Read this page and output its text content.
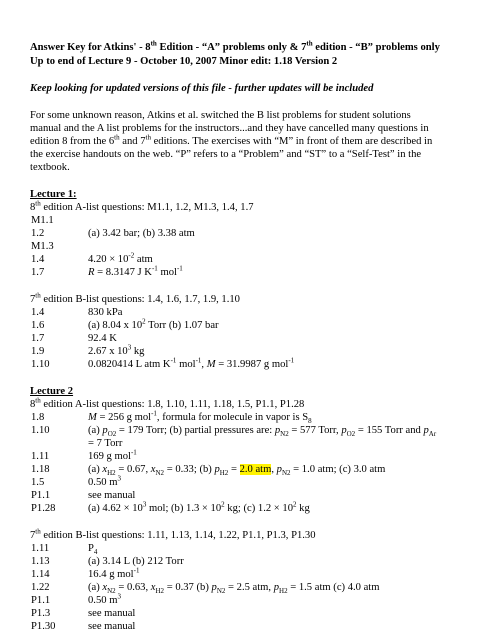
Answer Key for Atkins' - 8th Edition - “A” problems only & 7th edition - “B” problems only
Up to end of Lecture 9 - October 10, 2007 Minor edit: 1.18 Version 2
Keep looking for updated versions of this file - further updates will be included
For some unknown reason, Atkins et al. switched the B list problems for student solutions
manual and the A list problems for the instructors...and they have cancelled many questions in
edition 8 from the 6th and 7th editions. The exercises with “M” in front of them are described in
the exercise handouts on the web. “P” refers to a “Problem” and “ST” to a “Self-Test” in the
textbook.
Lecture 1:
8th edition A-list questions: M1.1, 1.2, M1.3, 1.4, 1.7
M1.1
1.2	(a) 3.42 bar; (b) 3.38 atm
M1.3
1.4	$4.20 \times 10^{-2}$ atm
1.7	R = 8.3147 J $K^{-1}$ mol$^{-1}$
7th edition B-list questions: 1.4, 1.6, 1.7, 1.9, 1.10
1.4	830 kPa
1.6	(a) 8.04 x $10^2$ Torr (b) 1.07 bar
1.7	92.4 K
1.9	2.67 x $10^3$ kg
1.10	0.0820414 L atm $K^{-1}$ mol$^{-1}$, M = 31.9987 g mol$^{-1}$
Lecture 2
8th edition A-list questions: 1.8, 1.10, 1.11, 1.18, 1.5, P1.1, P1.28
1.8	M = 256 g mol$^{-1}$, formula for molecule in vapor is $S_8$
1.10	(a) $p_{O2} = 179$ Torr; (b) partial pressures are: $p_{N2} = 577$ Torr, $p_{O2} = 155$ Torr and $p_{Ar}$
= 7 Torr
1.11	169 g mol$^{-1}$
1.18	(a) $x_{H2} = 0.67$, $x_{N2} = 0.33$; (b) $p_{H2} = 2.0$ atm, $p_{N2} = 1.0$ atm; (c) 3.0 atm
1.5	0.50 $m^3$
P1.1	see manual
P1.28	(a) $4.62 \times 10^3$ mol; (b) $1.3 \times 10^2$ kg; (c) $1.2 \times 10^2$ kg
7th edition B-list questions: 1.11, 1.13, 1.14, 1.22, P1.1, P1.3, P1.30
1.11	$P_4$
1.13	(a) 3.14 L (b) 212 Torr
1.14	16.4 g mol$^{-1}$
1.22	(a) $x_{N2} = 0.63$, $x_{H2} = 0.37$ (b) $p_{N2} = 2.5$ atm, $p_{H2} = 1.5$ atm (c) 4.0 atm
P1.1	0.50 $m^3$
P1.3	see manual
P1.30	see manual
